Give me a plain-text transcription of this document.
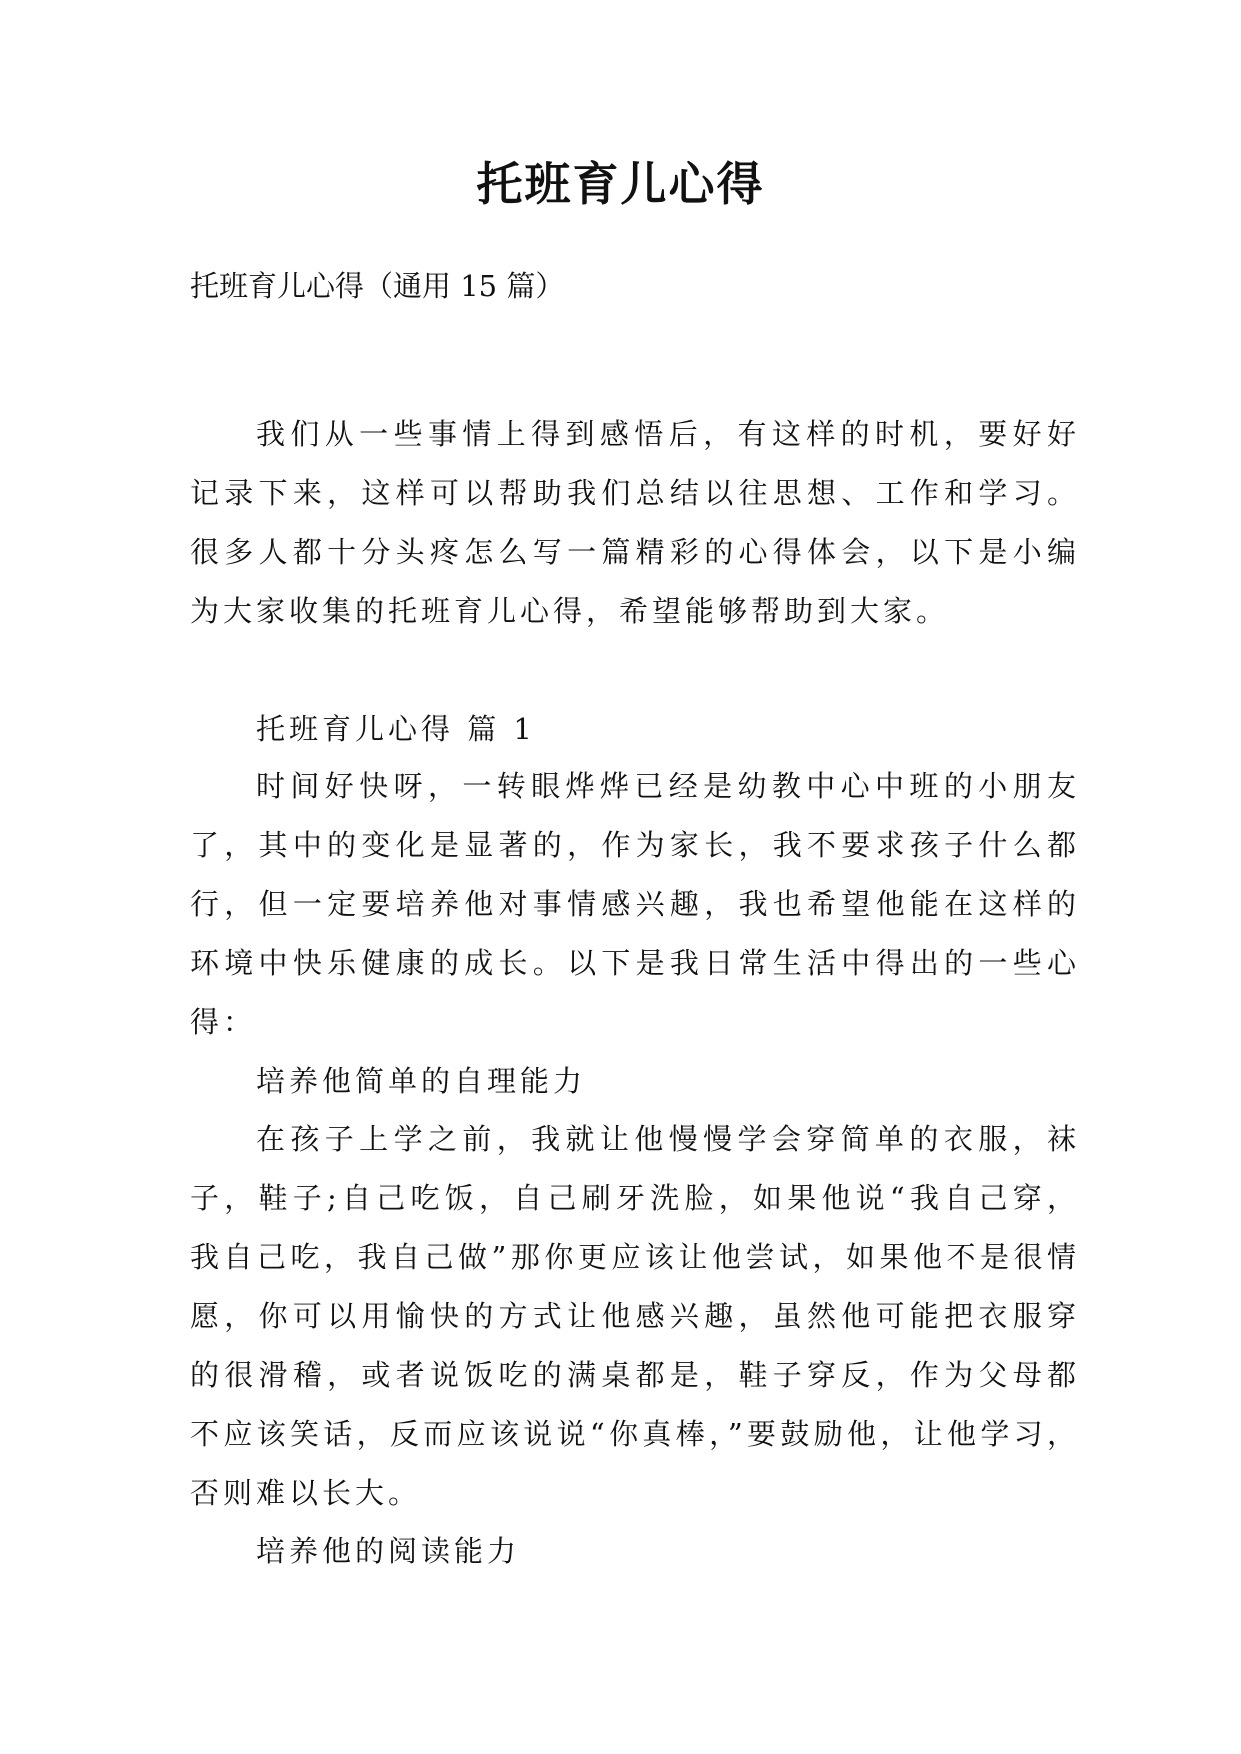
托班育儿心得
托班育儿心得（通用 15 篇）

我们从一些事情上得到感悟后，有这样的时机，要好好记录下来，这样可以帮助我们总结以往思想、工作和学习。很多人都十分头疼怎么写一篇精彩的心得体会，以下是小编为大家收集的托班育儿心得，希望能够帮助到大家。

托班育儿心得 篇 1

时间好快呀，一转眼烨烨已经是幼教中心中班的小朋友了，其中的变化是显著的，作为家长，我不要求孩子什么都行，但一定要培养他对事情感兴趣，我也希望他能在这样的环境中快乐健康的成长。以下是我日常生活中得出的一些心得：

培养他简单的自理能力

在孩子上学之前，我就让他慢慢学会穿简单的衣服，袜子，鞋子;自己吃饭，自己刷牙洗脸，如果他说“我自己穿，我自己吃，我自己做”那你更应该让他尝试，如果他不是很情愿，你可以用愉快的方式让他感兴趣，虽然他可能把衣服穿的很滑稽，或者说饭吃的满桌都是，鞋子穿反，作为父母都不应该笑话，反而应该说说“你真棒，”要鼓励他，让他学习，否则难以长大。

培养他的阅读能力
